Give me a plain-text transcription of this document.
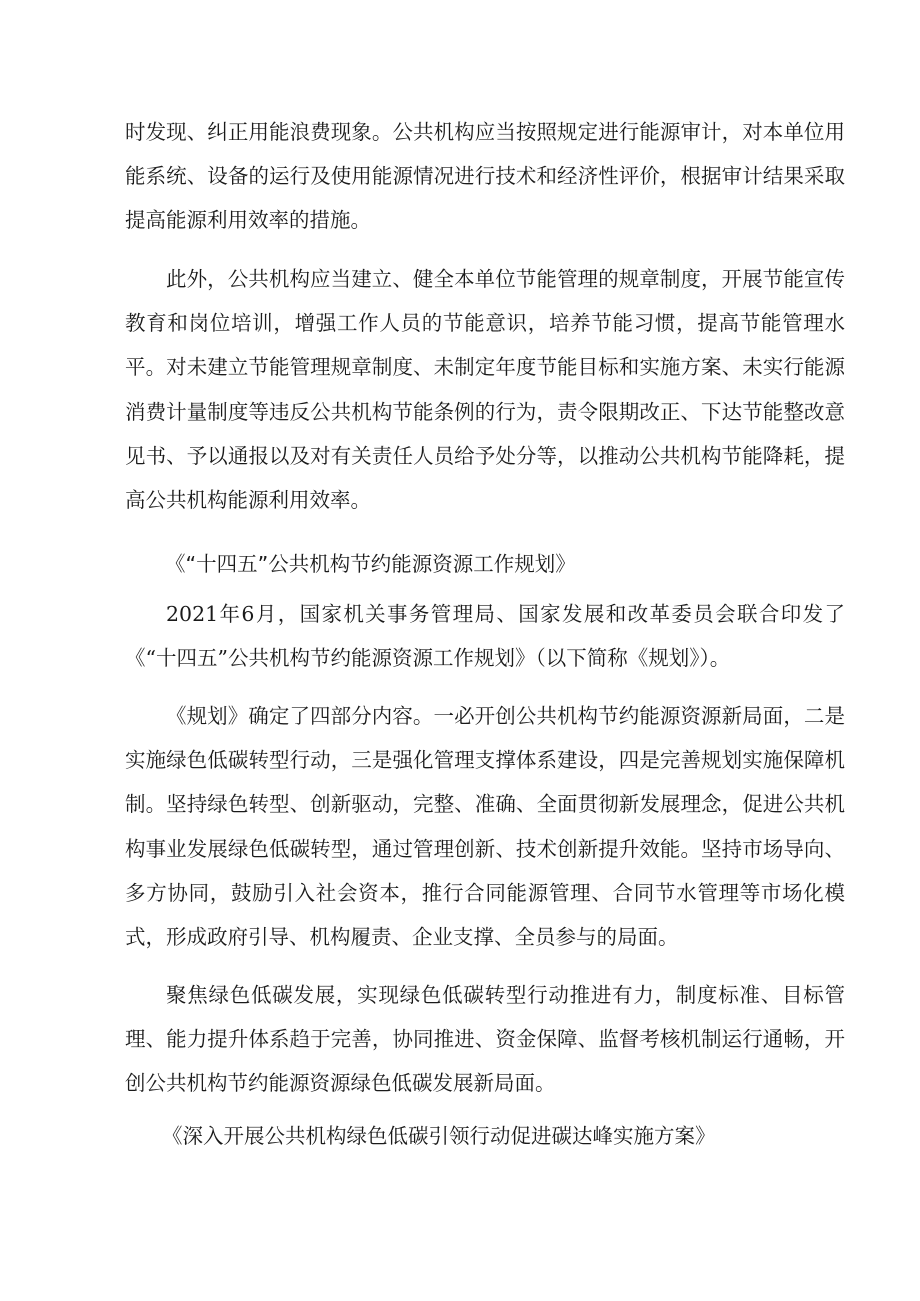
时发现、纠正用能浪费现象。公共机构应当按照规定进行能源审计，对本单位用能系统、设备的运行及使用能源情况进行技术和经济性评价，根据审计结果采取提高能源利用效率的措施。

此外，公共机构应当建立、健全本单位节能管理的规章制度，开展节能宣传教育和岗位培训，增强工作人员的节能意识，培养节能习惯，提高节能管理水平。对未建立节能管理规章制度、未制定年度节能目标和实施方案、未实行能源消费计量制度等违反公共机构节能条例的行为，责令限期改正、下达节能整改意见书、予以通报以及对有关责任人员给予处分等，以推动公共机构节能降耗，提高公共机构能源利用效率。

《“十四五”公共机构节约能源资源工作规划》

2021年6月，国家机关事务管理局、国家发展和改革委员会联合印发了《“十四五”公共机构节约能源资源工作规划》（以下简称《规划》）。

《规划》确定了四部分内容。一必开创公共机构节约能源资源新局面，二是实施绿色低碳转型行动，三是强化管理支撑体系建设，四是完善规划实施保障机制。坚持绿色转型、创新驱动，完整、准确、全面贯彻新发展理念，促进公共机构事业发展绿色低碳转型，通过管理创新、技术创新提升效能。坚持市场导向、多方协同，鼓励引入社会资本，推行合同能源管理、合同节水管理等市场化模式，形成政府引导、机构履责、企业支撑、全员参与的局面。

聚焦绿色低碳发展，实现绿色低碳转型行动推进有力，制度标准、目标管理、能力提升体系趋于完善，协同推进、资金保障、监督考核机制运行通畅，开创公共机构节约能源资源绿色低碳发展新局面。

《深入开展公共机构绿色低碳引领行动促进碳达峰实施方案》
